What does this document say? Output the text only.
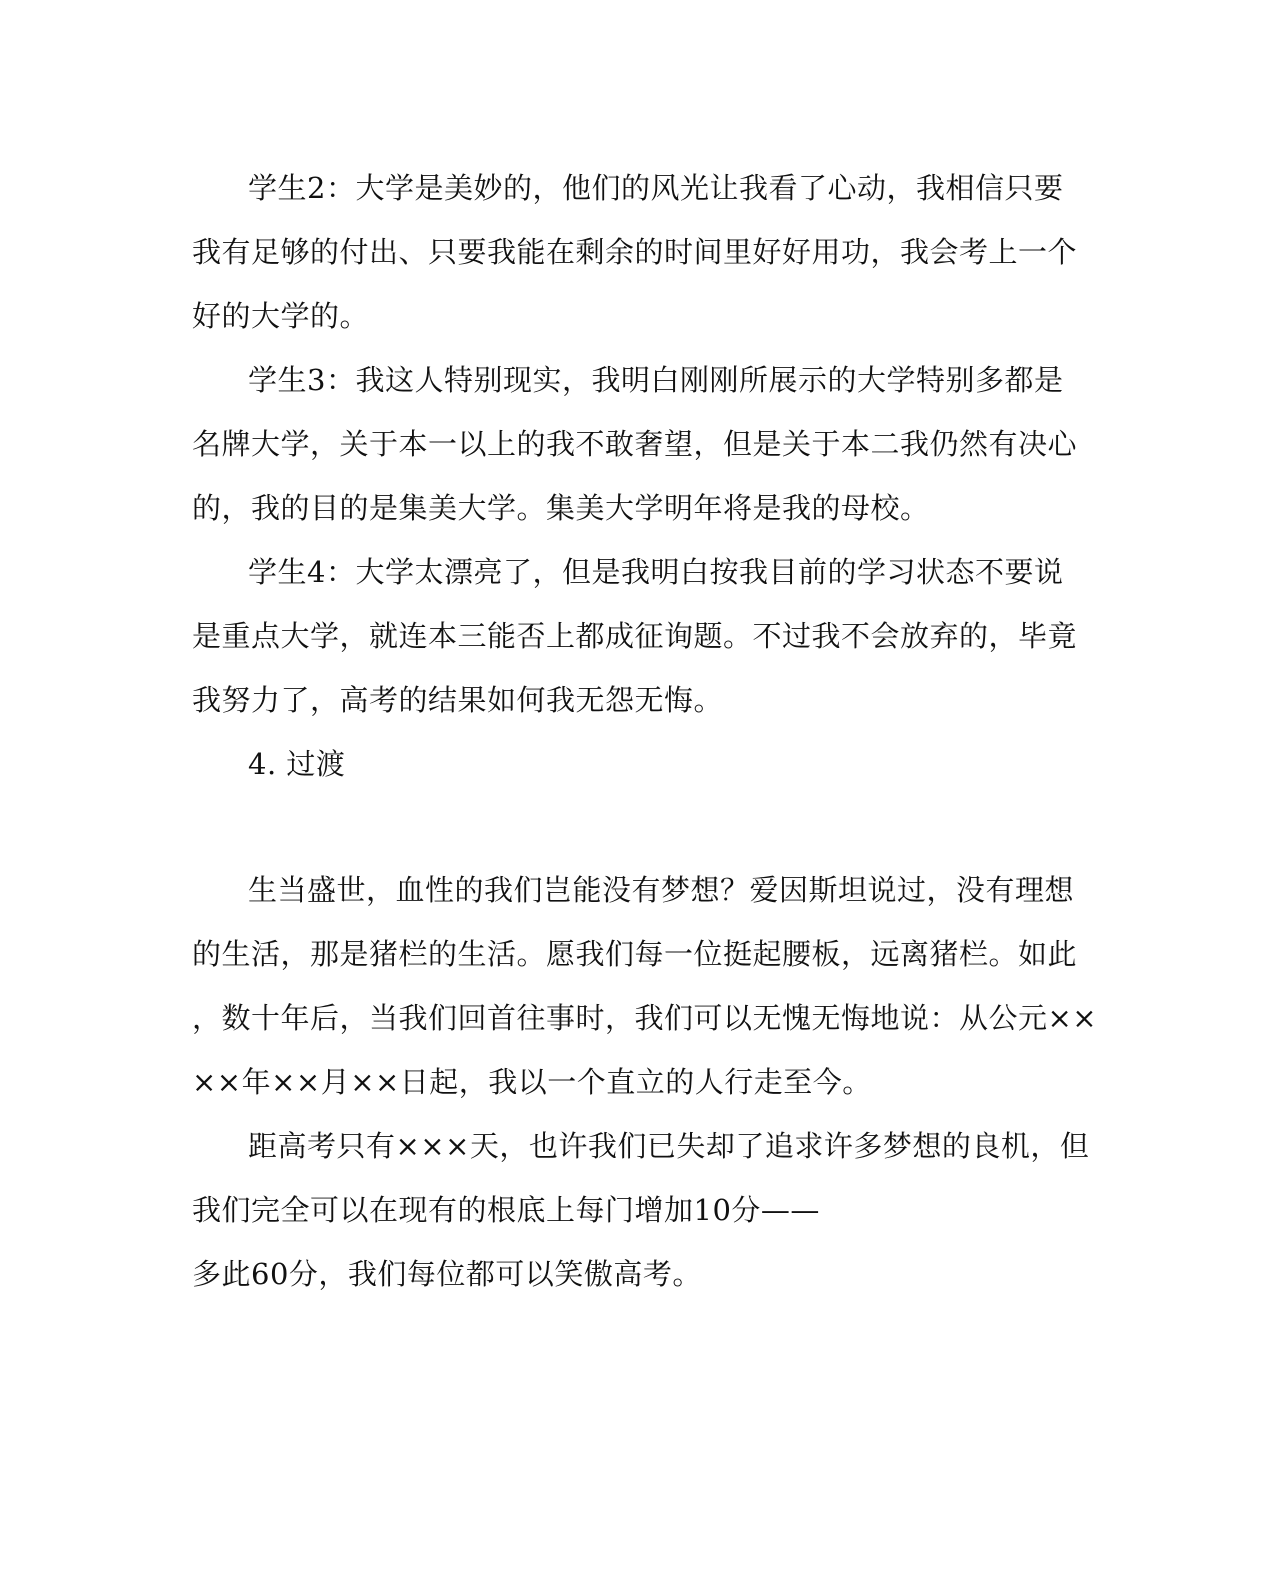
学生2：大学是美妙的，他们的风光让我看了心动，我相信只要
我有足够的付出、只要我能在剩余的时间里好好用功，我会考上一个
好的大学的。
学生3：我这人特别现实，我明白刚刚所展示的大学特别多都是
名牌大学，关于本一以上的我不敢奢望，但是关于本二我仍然有决心
的，我的目的是集美大学。集美大学明年将是我的母校。
学生4：大学太漂亮了，但是我明白按我目前的学习状态不要说
是重点大学，就连本三能否上都成征询题。不过我不会放弃的，毕竟
我努力了，高考的结果如何我无怨无悔。
4. 过渡
生当盛世，血性的我们岂能没有梦想？爱因斯坦说过，没有理想
的生活，那是猪栏的生活。愿我们每一位挺起腰板，远离猪栏。如此
，数十年后，当我们回首往事时，我们可以无愧无悔地说：从公元××
××年××月××日起，我以一个直立的人行走至今。
距高考只有×××天，也许我们已失却了追求许多梦想的良机，但
我们完全可以在现有的根底上每门增加10分——
多此60分，我们每位都可以笑傲高考。
